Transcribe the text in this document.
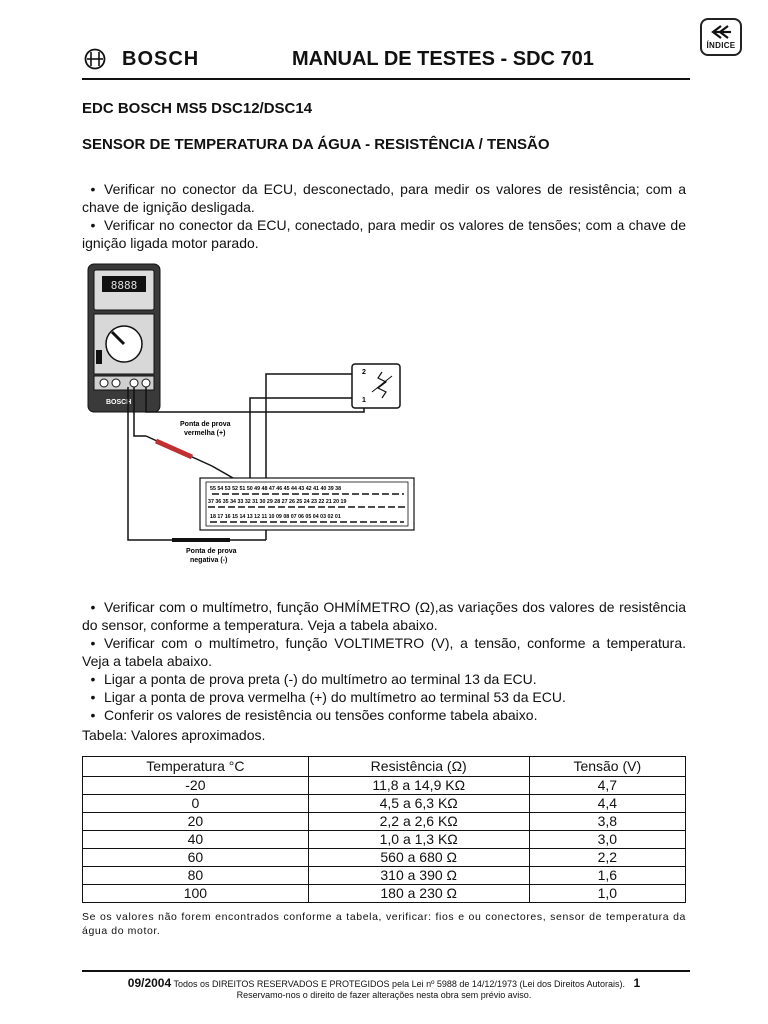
ÍNDICE
BOSCH	MANUAL DE TESTES - SDC 701
EDC BOSCH MS5 DSC12/DSC14
SENSOR DE TEMPERATURA DA ÁGUA - RESISTÊNCIA / TENSÃO
• Verificar no conector da ECU, desconectado, para medir os valores de resistência; com a chave de ignição desligada.
• Verificar no conector da ECU, conectado, para medir os valores de tensões; com a chave de ignição ligada motor parado.
8888
BOSCH
Ponta de prova
vermelha (+)
Ponta de prova
negativa (-)
2
1
55 54 53 52 51 50 49 48 47 46 45 44 43 42 41 40 39 38
37 36 35 34 33 32 31 30 29 28 27 26 25 24 23 22 21 20 19
18 17 16 15 14 13 12 11 10 09 08 07 06 05 04 03 02 01
• Verificar com o multímetro, função OHMÍMETRO (Ω),as variações dos valores de resistência do sensor, conforme a temperatura. Veja a tabela abaixo.
• Verificar com o multímetro, função VOLTIMETRO (V), a tensão, conforme a temperatura. Veja a tabela abaixo.
• Ligar a ponta de prova preta (-) do multímetro ao terminal 13 da ECU.
• Ligar a ponta de prova vermelha (+) do multímetro ao terminal 53 da ECU.
• Conferir os valores de resistência ou tensões conforme tabela abaixo.
Tabela: Valores aproximados.
Temperatura °C	Resistência (Ω)	Tensão (V)
-20	11,8 a 14,9 KΩ	4,7
0	4,5 a 6,3 KΩ	4,4
20	2,2 a 2,6 KΩ	3,8
40	1,0 a 1,3 KΩ	3,0
60	560 a 680 Ω	2,2
80	310 a 390 Ω	1,6
100	180 a 230 Ω	1,0
Se os valores não forem encontrados conforme a tabela, verificar: fios e ou conectores, sensor de temperatura da água do motor.
09/2004 Todos os DIREITOS RESERVADOS E PROTEGIDOS pela Lei nº 5988 de 14/12/1973 (Lei dos Direitos Autorais). 1
Reservamo-nos o direito de fazer alterações nesta obra sem prévio aviso.
